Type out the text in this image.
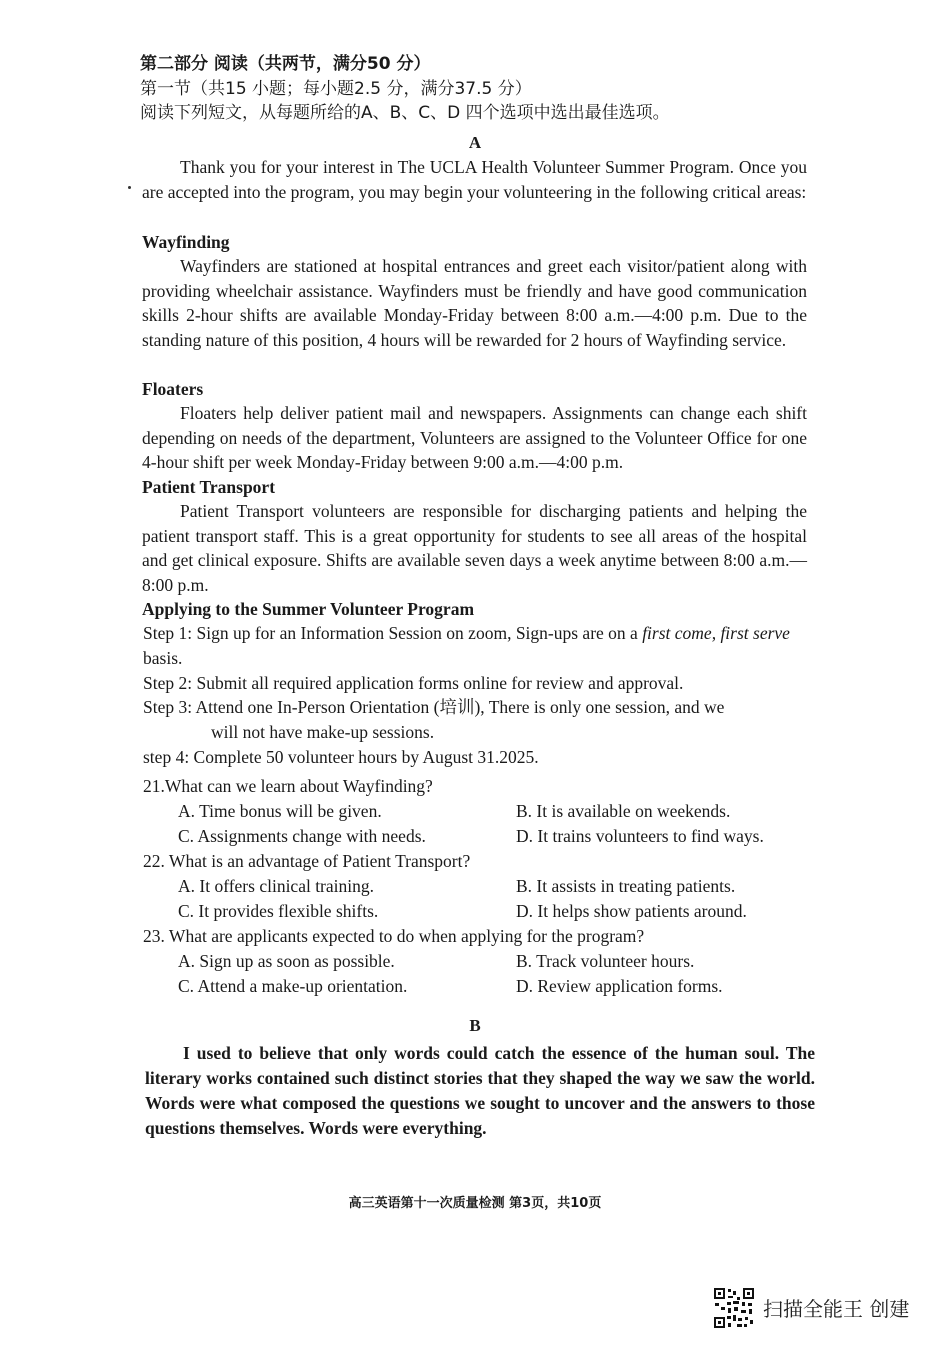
第二部分 阅读（共两节，满分50 分）
第一节（共15 小题；每小题2.5 分，满分37.5 分）
阅读下列短文，从每题所给的A、B、C、D 四个选项中选出最佳选项。
A

Thank you for your interest in The UCLA Health Volunteer Summer Program. Once you are accepted into the program, you may begin your volunteering in the following critical areas:

Wayfinding

Wayfinders are stationed at hospital entrances and greet each visitor/patient along with providing wheelchair assistance. Wayfinders must be friendly and have good communication skills 2-hour shifts are available Monday-Friday between 8:00 a.m.—4:00 p.m. Due to the standing nature of this position, 4 hours will be rewarded for 2 hours of Wayfinding service.

Floaters

Floaters help deliver patient mail and newspapers. Assignments can change each shift depending on needs of the department, Volunteers are assigned to the Volunteer Office for one 4-hour shift per week Monday-Friday between 9:00 a.m.—4:00 p.m.

Patient Transport

Patient Transport volunteers are responsible for discharging patients and helping the patient transport staff. This is a great opportunity for students to see all areas of the hospital and get clinical exposure. Shifts are available seven days a week anytime between 8:00 a.m.—8:00 p.m.

Applying to the Summer Volunteer Program
Step 1: Sign up for an Information Session on zoom, Sign-ups are on a first come, first serve basis.
Step 2: Submit all required application forms online for review and approval.
Step 3: Attend one In-Person Orientation (培训), There is only one session, and we
will not have make-up sessions.
step 4: Complete 50 volunteer hours by August 31.2025.
21.What can we learn about Wayfinding?
A. Time bonus will be given.	B. It is available on weekends.
C. Assignments change with needs.	D. It trains volunteers to find ways.
22. What is an advantage of Patient Transport?
A. It offers clinical training.	B. It assists in treating patients.
C. It provides flexible shifts.	D. It helps show patients around.
23. What are applicants expected to do when applying for the program?
A. Sign up as soon as possible.	B. Track volunteer hours.
C. Attend a make-up orientation.	D. Review application forms.
B

I used to believe that only words could catch the essence of the human soul. The literary works contained such distinct stories that they shaped the way we saw the world. Words were what composed the questions we sought to uncover and the answers to those questions themselves. Words were everything.

高三英语第十一次质量检测 第3页，共10页
扫描全能王 创建
